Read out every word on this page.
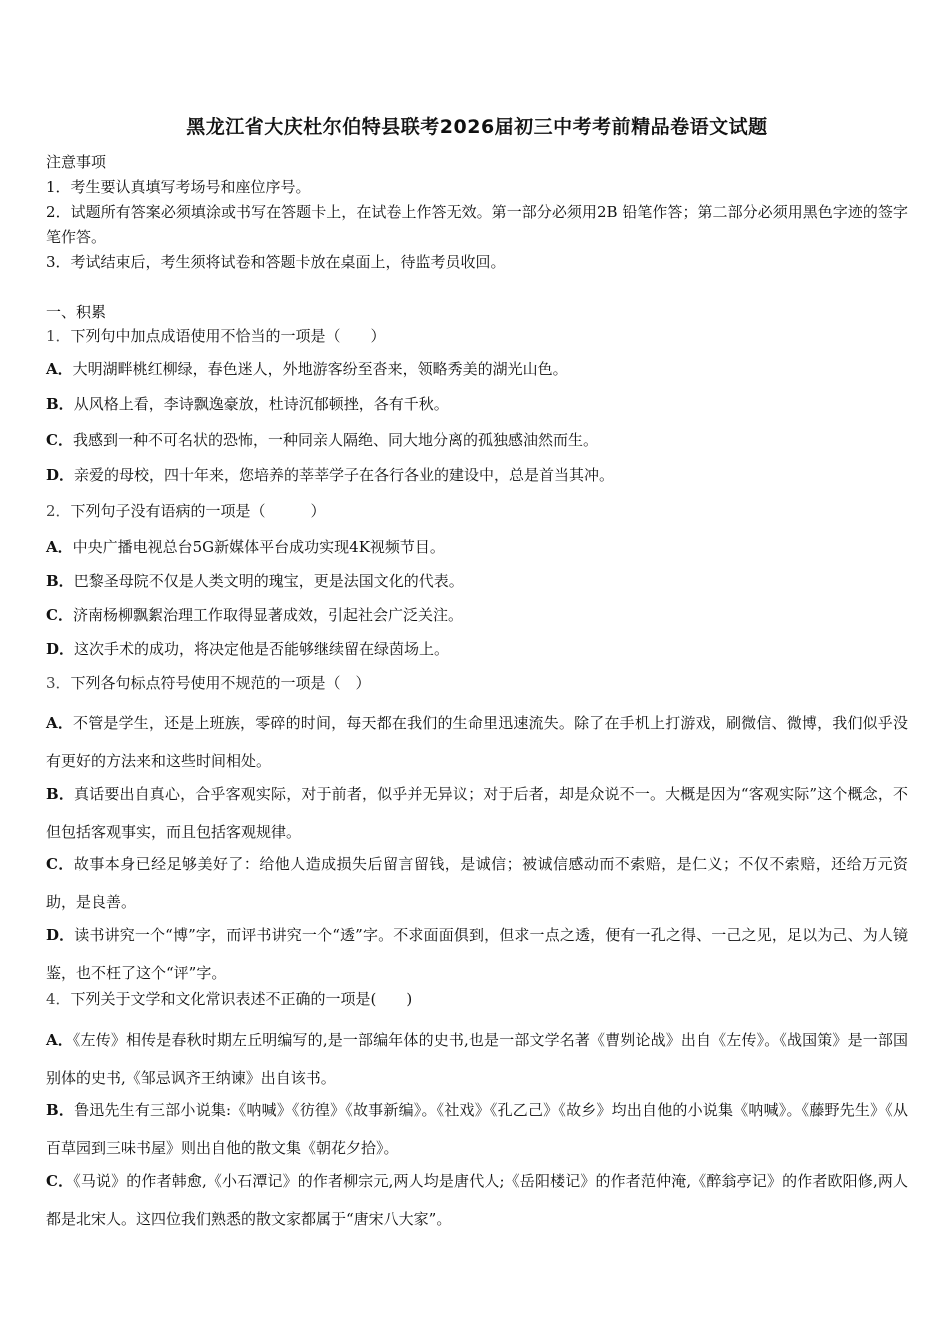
黑龙江省大庆杜尔伯特县联考2026届初三中考考前精品卷语文试题
注意事项
1．考生要认真填写考场号和座位序号。
2．试题所有答案必须填涂或书写在答题卡上，在试卷上作答无效。第一部分必须用2B 铅笔作答；第二部分必须用黑色字迹的签字笔作答。
3．考试结束后，考生须将试卷和答题卡放在桌面上，待监考员收回。
一、积累
1．下列句中加点成语使用不恰当的一项是（　　）
A．大明湖畔桃红柳绿，春色迷人，外地游客纷至沓来，领略秀美的湖光山色。
B．从风格上看，李诗飘逸豪放，杜诗沉郁顿挫，各有千秋。
C．我感到一种不可名状的恐怖，一种同亲人隔绝、同大地分离的孤独感油然而生。
D．亲爱的母校，四十年来，您培养的莘莘学子在各行各业的建设中，总是首当其冲。
2．下列句子没有语病的一项是（　　　）
A．中央广播电视总台5G新媒体平台成功实现4K视频节目。
B．巴黎圣母院不仅是人类文明的瑰宝，更是法国文化的代表。
C．济南杨柳飘絮治理工作取得显著成效，引起社会广泛关注。
D．这次手术的成功，将决定他是否能够继续留在绿茵场上。
3．下列各句标点符号使用不规范的一项是（　）
A．不管是学生，还是上班族，零碎的时间，每天都在我们的生命里迅速流失。除了在手机上打游戏，刷微信、微博，我们似乎没有更好的方法来和这些时间相处。
B．真话要出自真心，合乎客观实际，对于前者，似乎并无异议；对于后者，却是众说不一。大概是因为“客观实际”这个概念，不但包括客观事实，而且包括客观规律。
C．故事本身已经足够美好了：给他人造成损失后留言留钱，是诚信；被诚信感动而不索赔，是仁义；不仅不索赔，还给万元资助，是良善。
D．读书讲究一个“博”字，而评书讲究一个“透”字。不求面面俱到，但求一点之透，便有一孔之得、一己之见，足以为己、为人镜鉴，也不枉了这个“评”字。
4．下列关于文学和文化常识表述不正确的一项是(　　)
A．《左传》相传是春秋时期左丘明编写的,是一部编年体的史书,也是一部文学名著《曹刿论战》出自《左传》。《战国策》是一部国别体的史书,《邹忌讽齐王纳谏》出自该书。
B．鲁迅先生有三部小说集:《呐喊》《彷徨》《故事新编》。《社戏》《孔乙己》《故乡》均出自他的小说集《呐喊》。《藤野先生》《从百草园到三味书屋》则出自他的散文集《朝花夕拾》。
C．《马说》的作者韩愈,《小石潭记》的作者柳宗元,两人均是唐代人;《岳阳楼记》的作者范仲淹,《醉翁亭记》的作者欧阳修,两人都是北宋人。这四位我们熟悉的散文家都属于“唐宋八大家”。
